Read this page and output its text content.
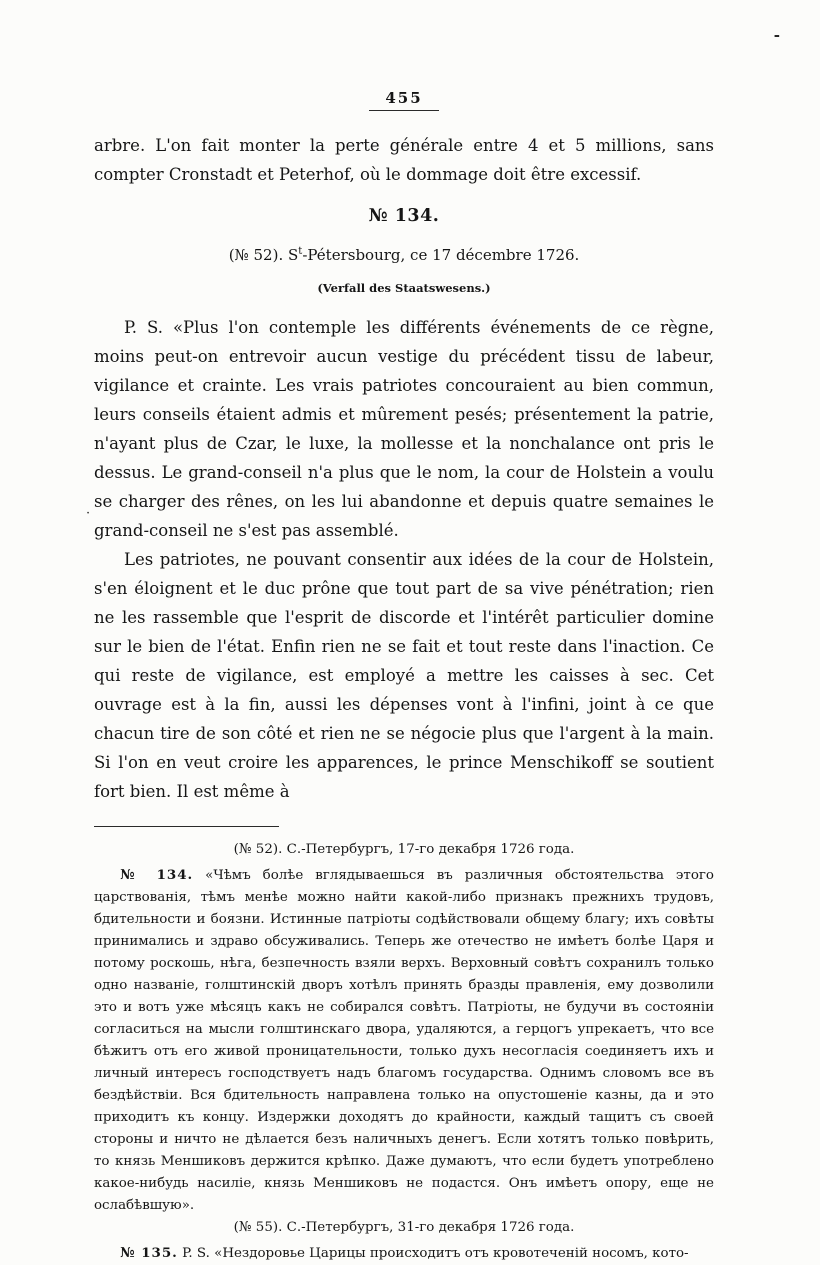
-
·
455

arbre. L'on fait monter la perte générale entre 4 et 5 millions, sans compter Cronstadt et Peterhof, où le dommage doit être excessif.

№ 134.

(№ 52). $S^t$-Pétersbourg, ce 17 décembre 1726.

(Verfall des Staatswesens.)

P. S. «Plus l'on contemple les différents événements de ce règne, moins peut-on entrevoir aucun vestige du précédent tissu de labeur, vigilance et crainte. Les vrais patriotes concouraient au bien commun, leurs conseils étaient admis et mûrement pesés; présentement la patrie, n'ayant plus de Czar, le luxe, la mollesse et la nonchalance ont pris le dessus. Le grand-conseil n'a plus que le nom, la cour de Holstein a voulu se charger des rênes, on les lui abandonne et depuis quatre semaines le grand-conseil ne s'est pas assemblé.

Les patriotes, ne pouvant consentir aux idées de la cour de Holstein, s'en éloignent et le duc prône que tout part de sa vive pénétration; rien ne les rassemble que l'esprit de discorde et l'intérêt particulier domine sur le bien de l'état. Enfin rien ne se fait et tout reste dans l'inaction. Ce qui reste de vigilance, est employé a mettre les caisses à sec. Cet ouvrage est à la fin, aussi les dépenses vont à l'infini, joint à ce que chacun tire de son côté et rien ne se négocie plus que l'argent à la main. Si l'on en veut croire les apparences, le prince Menschikoff se soutient fort bien. Il est même à

(№ 52). С.-Петербургъ, 17-го декабря 1726 года.

№ 134. «Чѣмъ болѣе вглядываешься въ различныя обстоятельства этого царствованія, тѣмъ менѣе можно найти какой-либо признакъ прежнихъ трудовъ, бдительности и боязни. Истинные патріоты содѣйствовали общему благу; ихъ совѣты принимались и здраво обсуживались. Теперь же отечество не имѣетъ болѣе Царя и потому роскошь, нѣга, безпечность взяли верхъ. Верховный совѣтъ сохранилъ только одно названіе, голштинскій дворъ хотѣлъ принять бразды правленія, ему дозволили это и вотъ уже мѣсяцъ какъ не собирался совѣтъ. Патріоты, не будучи въ состояніи согласиться на мысли голштинскаго двора, удаляются, а герцогъ упрекаетъ, что все бѣжитъ отъ его живой проницательности, только духъ несогласія соединяетъ ихъ и личный интересъ господствуетъ надъ благомъ государства. Однимъ словомъ все въ бездѣйствіи. Вся бдительность направлена только на опустошеніе казны, да и это приходитъ къ концу. Издержки доходятъ до крайности, каждый тащитъ съ своей стороны и ничто не дѣлается безъ наличныхъ денегъ. Если хотятъ только повѣрить, то князь Меншиковъ держится крѣпко. Даже думаютъ, что если будетъ употреблено какое-нибудь насиліе, князь Меншиковъ не подастся. Онъ имѣетъ опору, еще не ослабѣвшую».

(№ 55). С.-Петербургъ, 31-го декабря 1726 года.

№ 135. P. S. «Нездоровье Царицы происходитъ отъ кровотеченій носомъ, кото-
